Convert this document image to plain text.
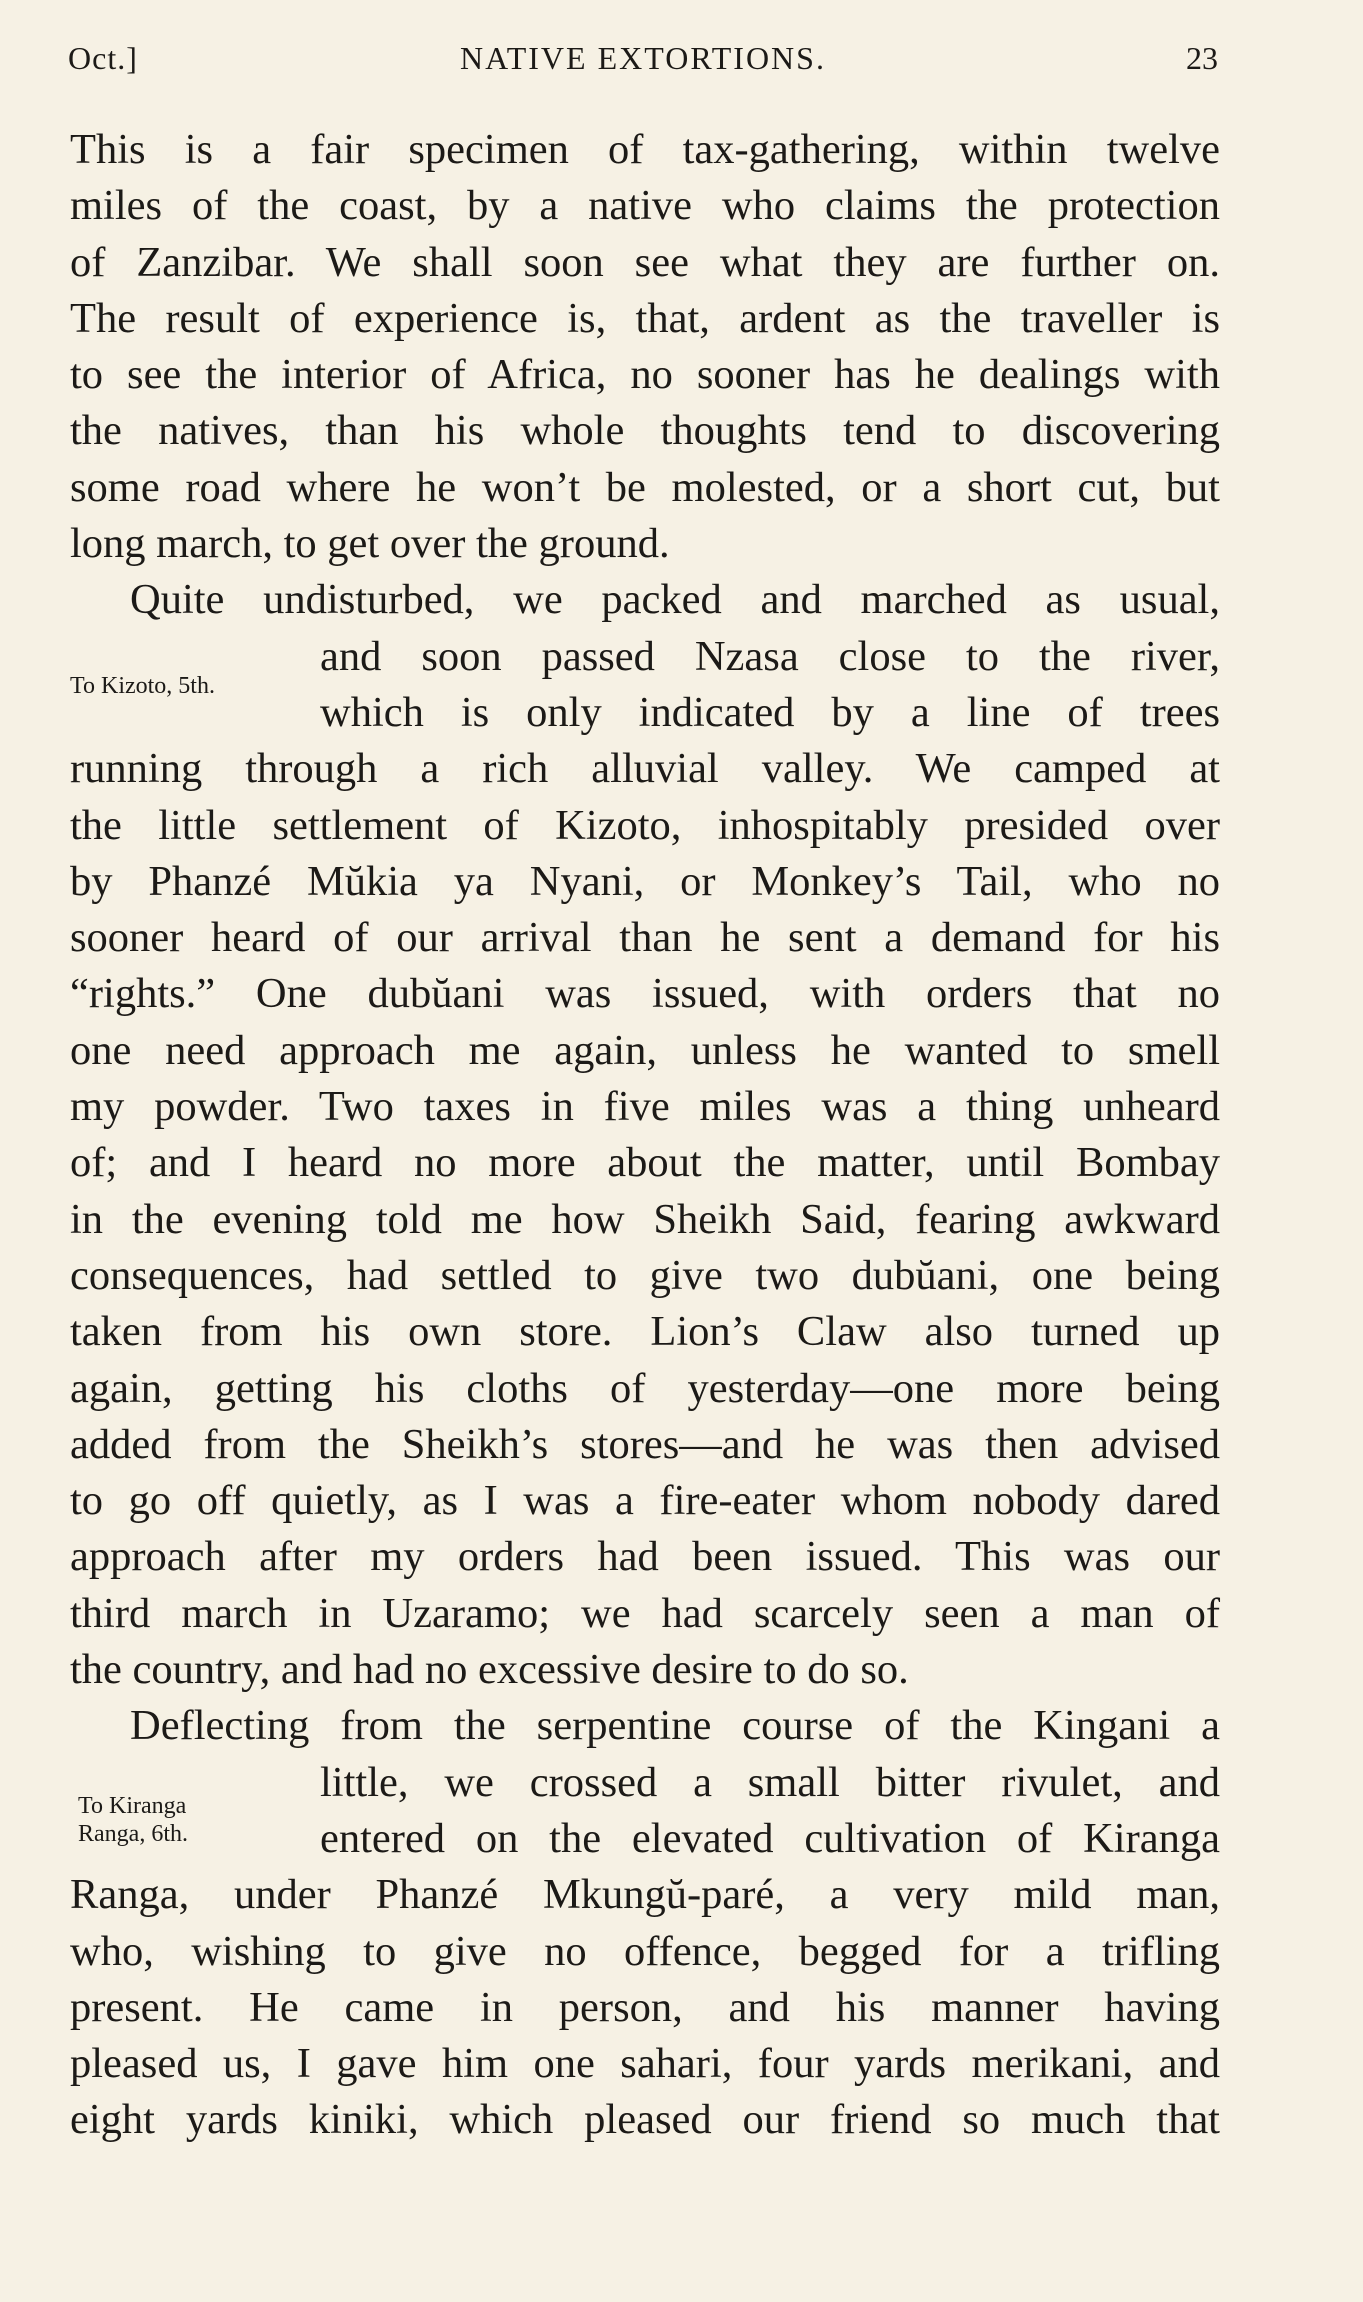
Oct.]	NATIVE EXTORTIONS.	23
To Kizoto, 5th.
To Kiranga
Ranga, 6th.
This is a fair specimen of tax-gathering, within twelve
miles of the coast, by a native who claims the protection
of Zanzibar. We shall soon see what they are further on.
The result of experience is, that, ardent as the traveller is
to see the interior of Africa, no sooner has he dealings with
the natives, than his whole thoughts tend to discovering
some road where he won’t be molested, or a short cut, but
long march, to get over the ground.
Quite undisturbed, we packed and marched as usual,
and soon passed Nzasa close to the river,
which is only indicated by a line of trees
running through a rich alluvial valley. We camped at
the little settlement of Kizoto, inhospitably presided over
by Phanzé Mŭkia ya Nyani, or Monkey’s Tail, who no
sooner heard of our arrival than he sent a demand for his
“rights.” One dubŭani was issued, with orders that no
one need approach me again, unless he wanted to smell
my powder. Two taxes in five miles was a thing unheard
of; and I heard no more about the matter, until Bombay
in the evening told me how Sheikh Said, fearing awkward
consequences, had settled to give two dubŭani, one being
taken from his own store. Lion’s Claw also turned up
again, getting his cloths of yesterday—one more being
added from the Sheikh’s stores—and he was then advised
to go off quietly, as I was a fire-eater whom nobody dared
approach after my orders had been issued. This was our
third march in Uzaramo; we had scarcely seen a man of
the country, and had no excessive desire to do so.
Deflecting from the serpentine course of the Kingani a
little, we crossed a small bitter rivulet, and
entered on the elevated cultivation of Kiranga
Ranga, under Phanzé Mkungŭ-paré, a very mild man,
who, wishing to give no offence, begged for a trifling
present. He came in person, and his manner having
pleased us, I gave him one sahari, four yards merikani, and
eight yards kiniki, which pleased our friend so much that
